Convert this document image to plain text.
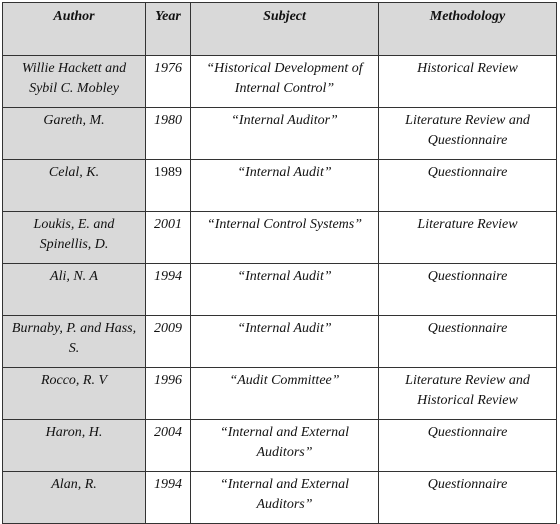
Author	Year	Subject	Methodology
Willie Hackett and Sybil C. Mobley	1976	“Historical Development of Internal Control”	Historical Review
Gareth, M.	1980	“Internal Auditor”	Literature Review and Questionnaire
Celal, K.	1989	“Internal Audit”	Questionnaire
Loukis, E. and Spinellis, D.	2001	“Internal Control Systems”	Literature Review
Ali, N. A	1994	“Internal Audit”	Questionnaire
Burnaby, P. and Hass, S.	2009	“Internal Audit”	Questionnaire
Rocco, R. V	1996	“Audit Committee”	Literature Review and Historical Review
Haron, H.	2004	“Internal and External Auditors”	Questionnaire
Alan, R.	1994	“Internal and External Auditors”	Questionnaire
